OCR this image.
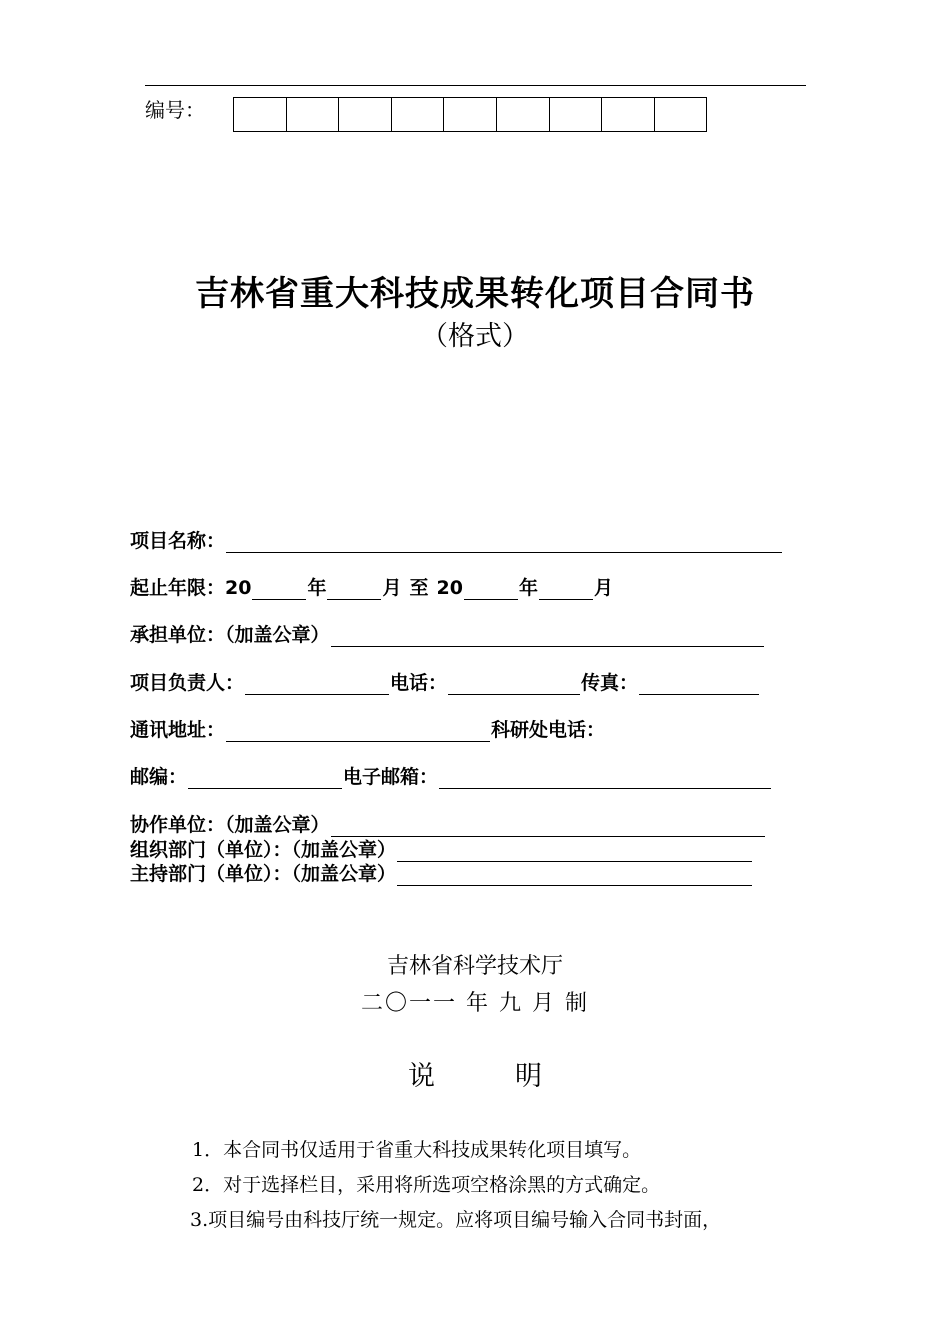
编号：
吉林省重大科技成果转化项目合同书
（格式）
项目名称：
起止年限：20	年	月 至 20	年	月
承担单位：（加盖公章）
项目负责人：	电话：	传真：
通讯地址：	科研处电话：
邮编：	电子邮箱：
协作单位：（加盖公章）
组织部门（单位）：（加盖公章）
主持部门（单位）：（加盖公章）
吉林省科学技术厅
二〇一一 年 九 月 制
说	明
1．本合同书仅适用于省重大科技成果转化项目填写。
2．对于选择栏目，采用将所选项空格涂黑的方式确定。
3.项目编号由科技厅统一规定。应将项目编号输入合同书封面，
